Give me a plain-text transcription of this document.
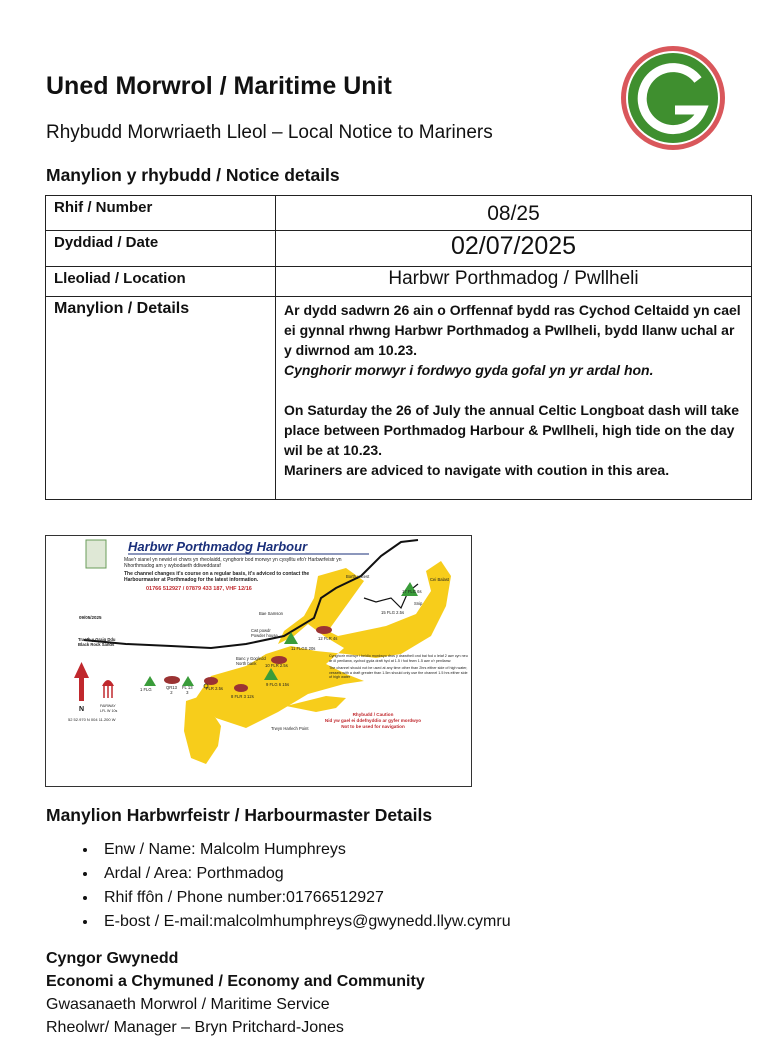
Uned Morwrol / Maritime Unit

Rhybudd Morwriaeth Lleol – Local Notice to Mariners

Manylion y rhybudd / Notice details
Rhif / Number	08/25
Dyddiad / Date	02/07/2025
Lleoliad / Location	Harbwr Porthmadog / Pwllheli
Manylion / Details	Ar dydd sadwrn 26 ain o Orffennaf bydd ras Cychod Celtaidd yn cael ei gynnal rhwng Harbwr Porthmadog a Pwllheli, bydd llanw uchal ar y diwrnod am 10.23.

Cynghorir morwyr i fordwyo gyda gofal yn yr ardal hon.

On Saturday the 26 of July the annual Celtic Longboat dash will take place between Porthmadog Harbour & Pwllheli, high tide on the day wil be at 10.23.

Mariners are adviced to navigate with coution in this area.

Harbwr Porthmadog Harbour
Mae'r sianel yn newid ei chwrs yn rheolaidd, cynghorir bod morwyr yn cysylltu efo'r Harbwrfeistr yn Nhorthmadog am y wybodaeth ddiweddaraf
The channel changes it's course on a regular basis, it's adviced to contact the Harbourmaster at Porthmadog for the latest information.
01766 512927 / 07879 433 187, VHF 12/16
09/05/2025
Traeth y Graig Ddu
Black Rock Sands
Bae Samson
Cwt powdr
Powder house
Banc y Gogledd
North bank
Borth y Gest
Cei Balast
Trwyn Harlech Point
Snip
17 FLG 6s
15 FLG 2.5s
12 FLR 4s
11 FLGS 20s
10 FLR 2.5s
9 FLG 6 15s
8 FLR 3 12s
1 FLG	QR13
2
FL 13
3
FLR 2.5s
FAIRWAY
LFL W 10s
52 52.970 N 004 11.200 W
Cynghorir morwyr i beidio mordwyo dros y drawthell ond bai fod o leiaf 2 awr cyn neu ar ôl penllanw, cychod gyda draft hyd at 1.5 i fod fewn 1.5 awr o'r penllanw.
The channel should not be used at any time other than 2hrs either side of high water, vessels with a draft greater than 1.5m should only use the channel 1.5 hrs either side of high water
Rhybudd / Caution
Nid yw gael ei ddefnyddio ar gyfer mordwyo
Not to be used for navigation
N
Manylion Harbwrfeistr / Harbourmaster Details
• Enw / Name: Malcolm Humphreys
• Ardal / Area: Porthmadog
• Rhif ffôn / Phone number:01766512927
• E-bost / E-mail:malcolmhumphreys@gwynedd.llyw.cymru
Cyngor Gwynedd
Economi a Chymuned / Economy and Community
Gwasanaeth Morwrol / Maritime Service
Rheolwr/ Manager – Bryn Pritchard-Jones
